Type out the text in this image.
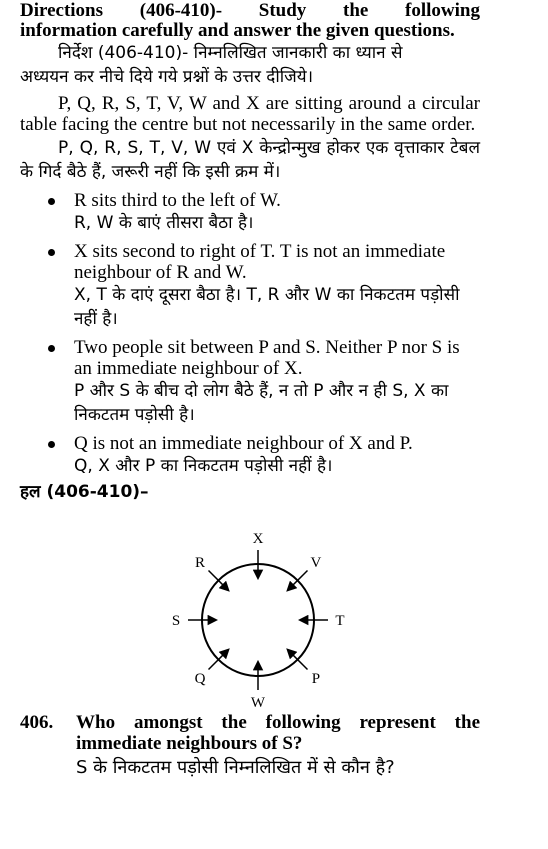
Directions (406-410)- Study the following

information carefully and answer the given questions.

निर्देश (406-410)- निम्नलिखित जानकारी का ध्यान से

अध्ययन कर नीचे दिये गये प्रश्नों के उत्तर दीजिये।

P, Q, R, S, T, V, W and X are sitting around a circular table facing the centre but not necessarily in the same order.

P, Q, R, S, T, V, W एवं X केन्द्रोन्मुख होकर एक वृत्ताकार टेबल के गिर्द बैठे हैं, जरूरी नहीं कि इसी क्रम में।

R sits third to the left of W.

R, W के बाएं तीसरा बैठा है।

X sits second to right of T. T is not an immediate neighbour of R and W.

X, T के दाएं दूसरा बैठा है। T, R और W का निकटतम पड़ोसी नहीं है।

Two people sit between P and S. Neither P nor S is an immediate neighbour of X.

P और S के बीच दो लोग बैठे हैं, न तो P और न ही S, X का निकटतम पड़ोसी है।

Q is not an immediate neighbour of X and P.

Q, X और P का निकटतम पड़ोसी नहीं है।

हल (406-410)–

X
V
T
P
W
Q
S
R
406. Who amongst the following represent the immediate neighbours of S?

S के निकटतम पड़ोसी निम्नलिखित में से कौन है?
